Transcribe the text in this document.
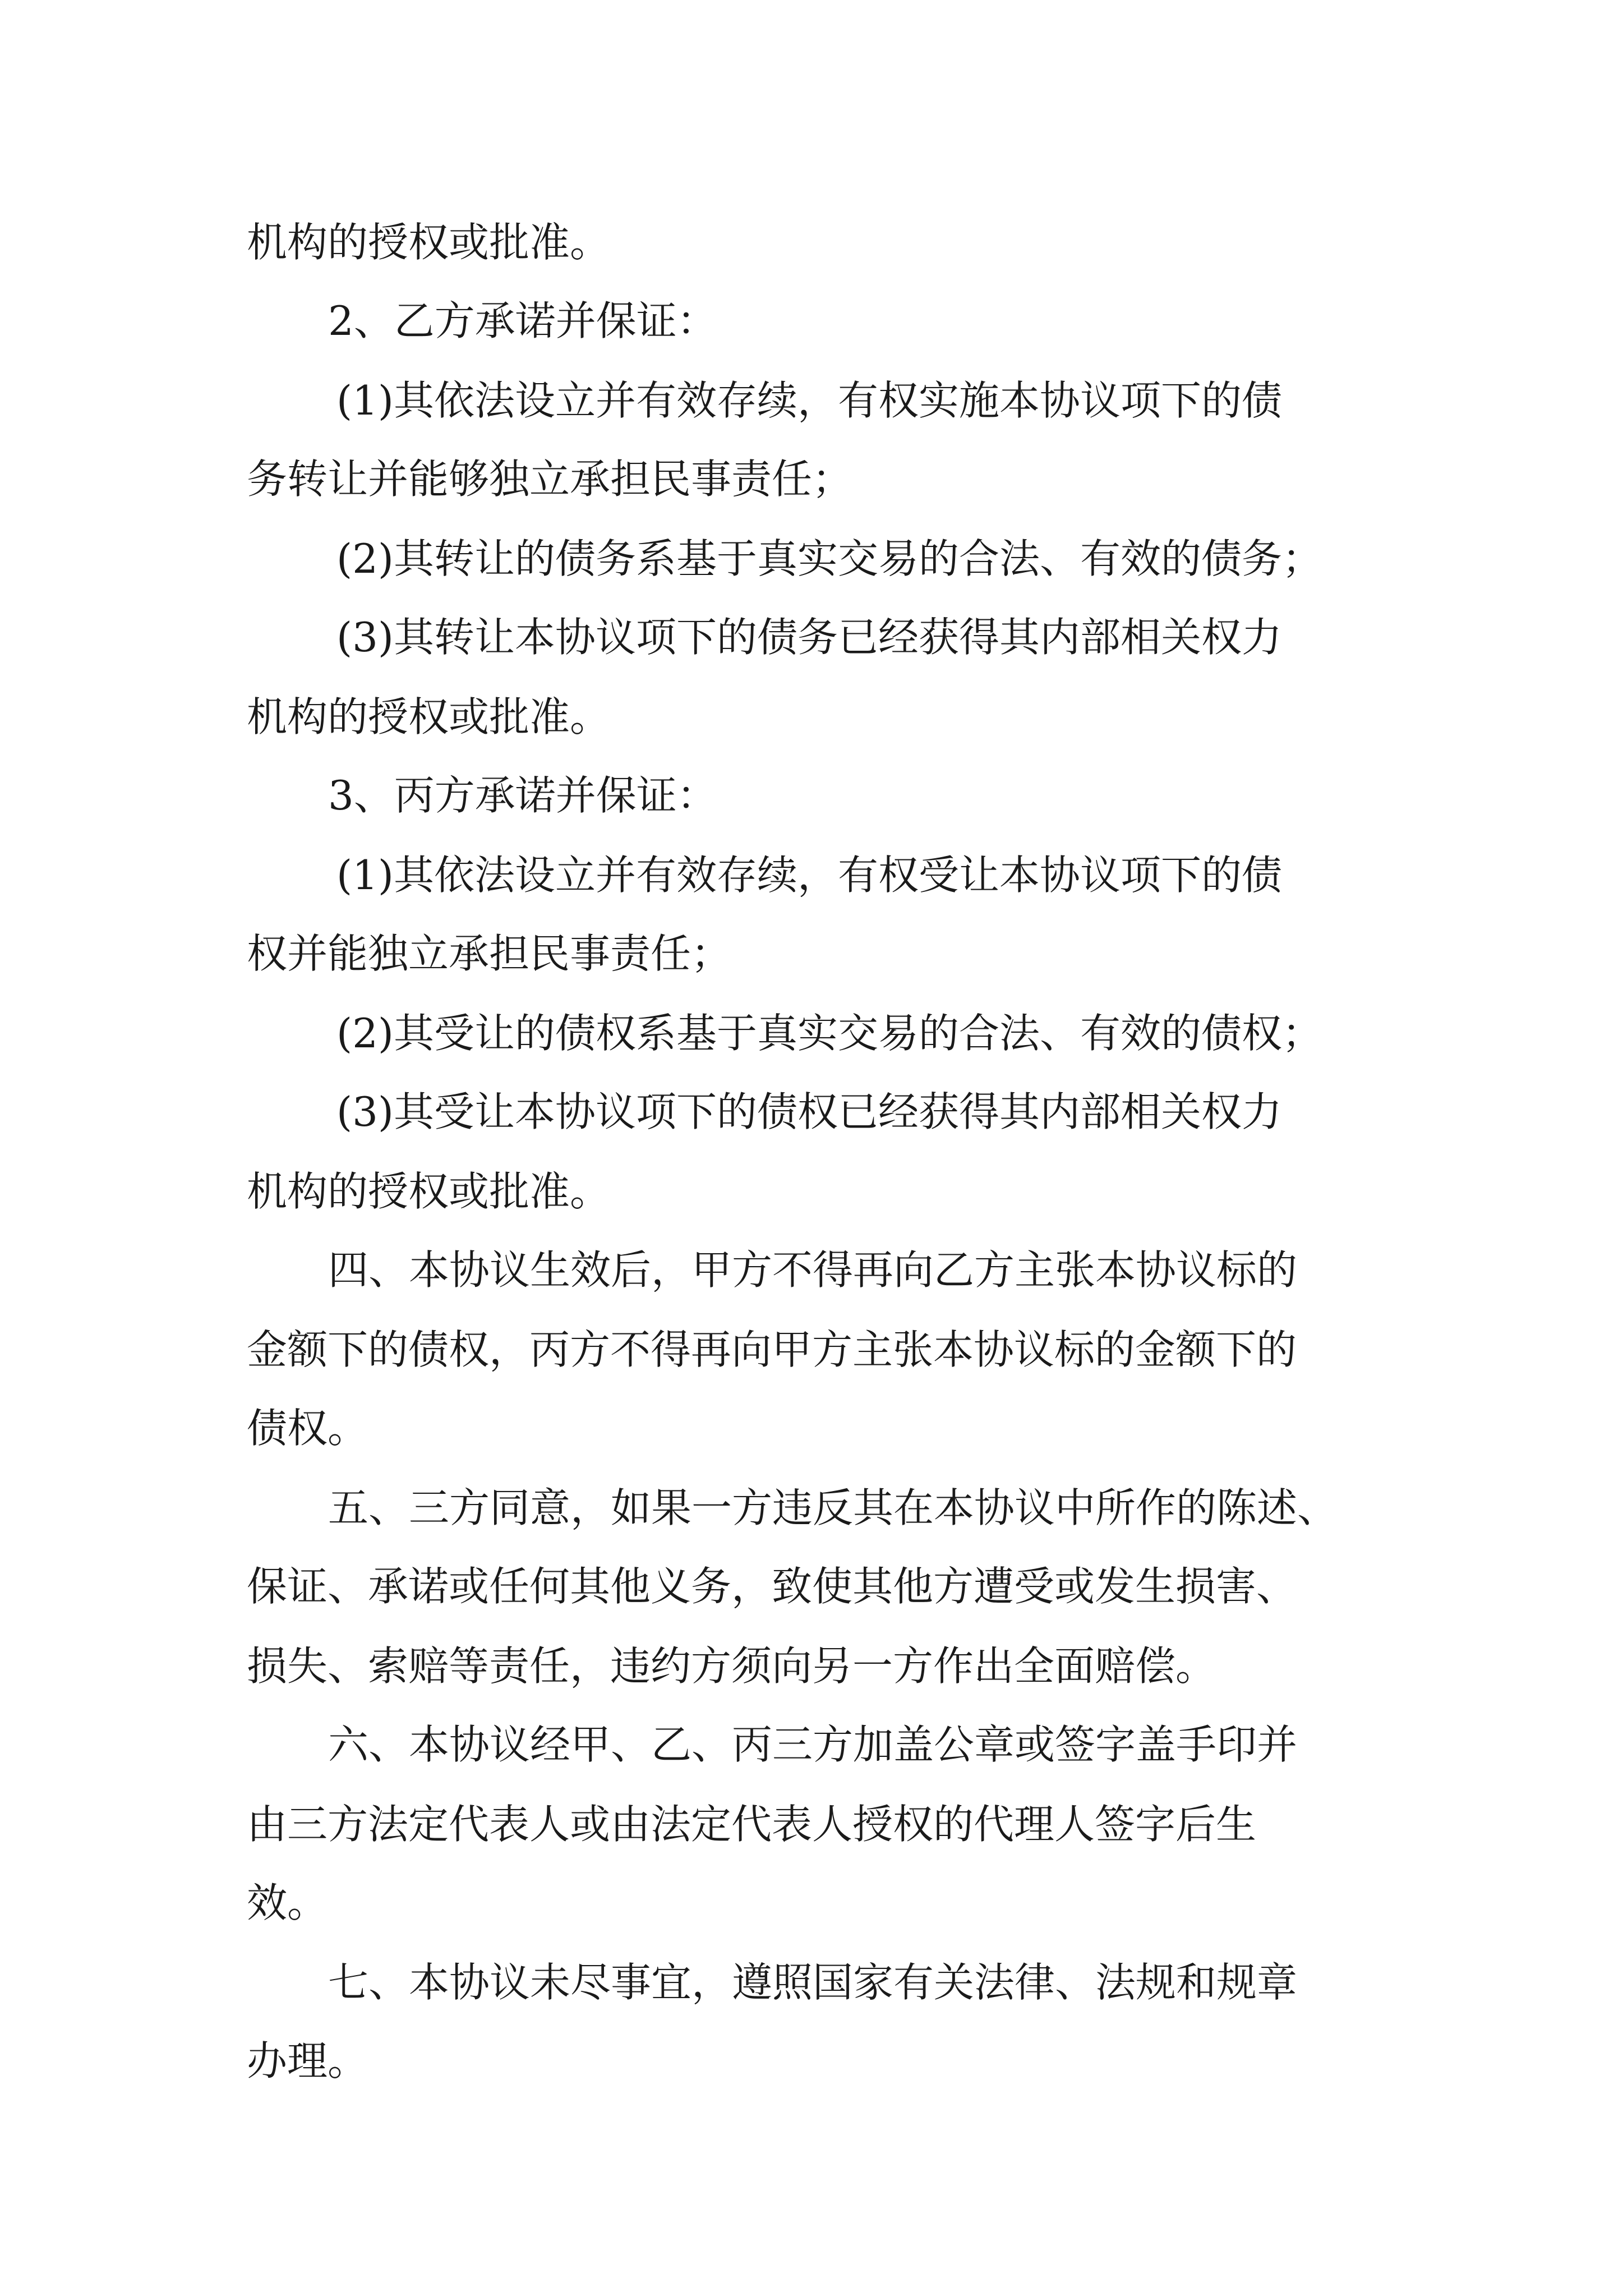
机构的授权或批准。
2、乙方承诺并保证：
(1)其依法设立并有效存续，有权实施本协议项下的债
务转让并能够独立承担民事责任；
(2)其转让的债务系基于真实交易的合法、有效的债务；
(3)其转让本协议项下的债务已经获得其内部相关权力
机构的授权或批准。
3、丙方承诺并保证：
(1)其依法设立并有效存续，有权受让本协议项下的债
权并能独立承担民事责任；
(2)其受让的债权系基于真实交易的合法、有效的债权；
(3)其受让本协议项下的债权已经获得其内部相关权力
机构的授权或批准。
四、本协议生效后，甲方不得再向乙方主张本协议标的
金额下的债权，丙方不得再向甲方主张本协议标的金额下的
债权。
五、三方同意，如果一方违反其在本协议中所作的陈述、
保证、承诺或任何其他义务，致使其他方遭受或发生损害、
损失、索赔等责任，违约方须向另一方作出全面赔偿。
六、本协议经甲、乙、丙三方加盖公章或签字盖手印并
由三方法定代表人或由法定代表人授权的代理人签字后生
效。
七、本协议未尽事宜，遵照国家有关法律、法规和规章
办理。
